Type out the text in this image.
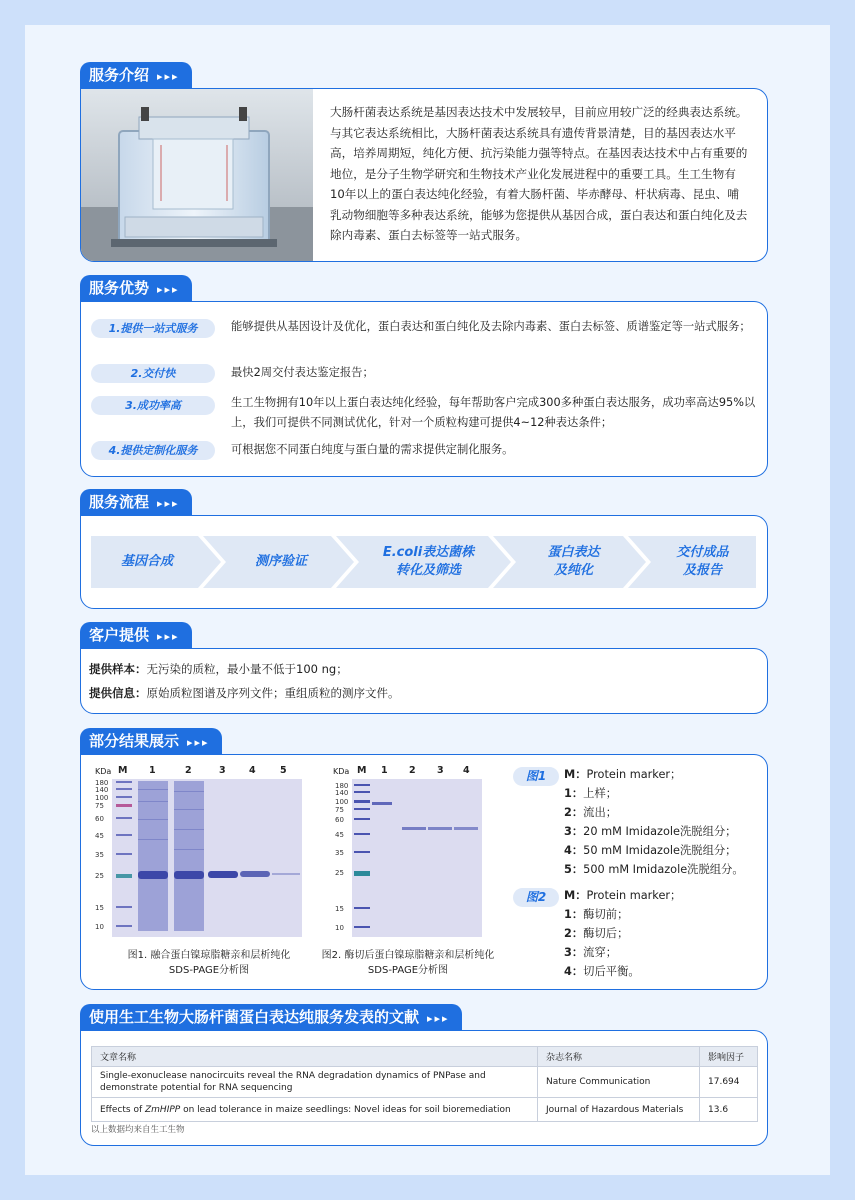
服务介绍 ▸▸▸
大肠杆菌表达系统是基因表达技术中发展较早，目前应用较广泛的经典表达系统。与其它表达系统相比，大肠杆菌表达系统具有遗传背景清楚，目的基因表达水平高，培养周期短，纯化方便、抗污染能力强等特点。在基因表达技术中占有重要的地位，是分子生物学研究和生物技术产业化发展进程中的重要工具。生工生物有10年以上的蛋白表达纯化经验，有着大肠杆菌、毕赤酵母、杆状病毒、昆虫、哺乳动物细胞等多种表达系统，能够为您提供从基因合成，蛋白表达和蛋白纯化及去除内毒素、蛋白去标签等一站式服务。
服务优势 ▸▸▸
1.提供一站式服务	能够提供从基因设计及优化，蛋白表达和蛋白纯化及去除内毒素、蛋白去标签、质谱鉴定等一站式服务；
2.交付快	最快2周交付表达鉴定报告；
3.成功率高	生工生物拥有10年以上蛋白表达纯化经验，每年帮助客户完成300多种蛋白表达服务，成功率高达95%以上，我们可提供不同测试优化，针对一个质粒构建可提供4~12种表达条件；
4.提供定制化服务	可根据您不同蛋白纯度与蛋白量的需求提供定制化服务。
服务流程 ▸▸▸
基因合成	测序验证
E.coli表达菌株
转化及筛选
蛋白表达
及纯化
交付成品
及报告
客户提供 ▸▸▸
提供样本：无污染的质粒，最小量不低于100 ng；
提供信息：原始质粒图谱及序列文件；重组质粒的测序文件。
部分结果展示 ▸▸▸
KDa M 1	2	3 4	5
180
140
100
75
60
45
35
25
15
10
图1. 融合蛋白镍琼脂糖亲和层析纯化
SDS-PAGE分析图
KDa M 1 2 3 4
180
140
100
75
60
45
35
25
15
10
图2. 酶切后蛋白镍琼脂糖亲和层析纯化
SDS-PAGE分析图
图1	M：Protein marker；
1：上样；
2：流出；
3：20 mM Imidazole洗脱组分；
4：50 mM Imidazole洗脱组分；
5：500 mM Imidazole洗脱组分。
图2	M：Protein marker；
1：酶切前；
2：酶切后；
3：流穿；
4：切后平衡。
使用生工生物大肠杆菌蛋白表达纯服务发表的文献 ▸▸▸
文章名称	杂志名称	影响因子
Single-exonuclease nanocircuits reveal the RNA degradation dynamics of PNPase and demonstrate potential for RNA sequencing	Nature Communication	17.694
Effects of ZmHIPP on lead tolerance in maize seedlings: Novel ideas for soil bioremediation	Journal of Hazardous Materials	13.6
以上数据均来自生工生物
